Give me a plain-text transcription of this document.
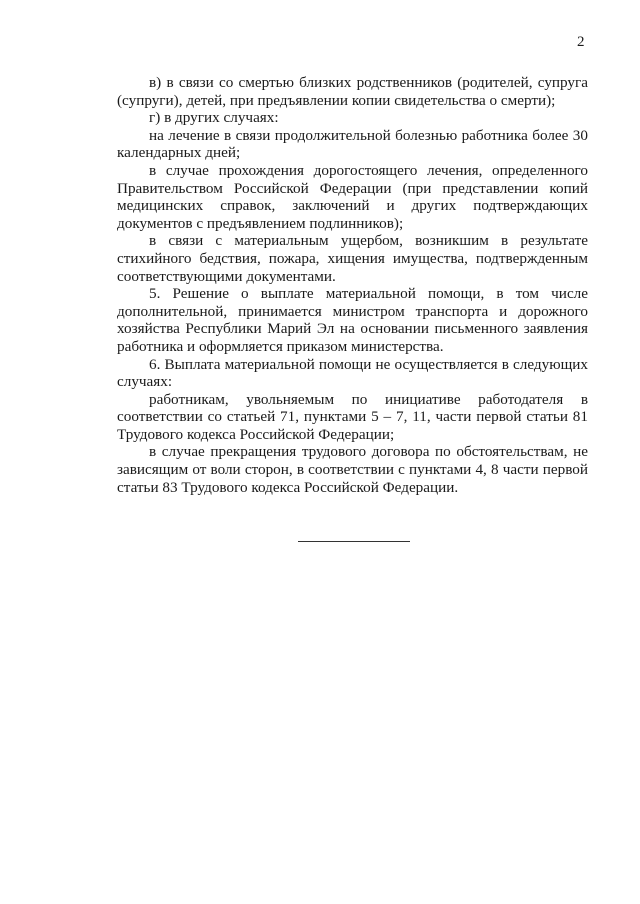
2

в) в связи со смертью близких родственников (родителей, супруга (супруги), детей, при предъявлении копии свидетельства о смерти);

г) в других случаях:

на лечение в связи продолжительной болезнью работника более 30 календарных дней;

в случае прохождения дорогостоящего лечения, определенного Правительством Российской Федерации (при представлении копий медицинских справок, заключений и других подтверждающих документов с предъявлением подлинников);

в связи с материальным ущербом, возникшим в результате стихийного бедствия, пожара, хищения имущества, подтвержденным соответствующими документами.

5. Решение о выплате материальной помощи, в том числе дополнительной, принимается министром транспорта и дорожного хозяйства Республики Марий Эл на основании письменного заявления работника и оформляется приказом министерства.

6. Выплата материальной помощи не осуществляется в следующих случаях:

работникам, увольняемым по инициативе работодателя в соответствии со статьей 71, пунктами 5 – 7, 11, части первой статьи 81 Трудового кодекса Российской Федерации;

в случае прекращения трудового договора по обстоятельствам, не зависящим от воли сторон, в соответствии с пунктами 4, 8 части первой статьи 83 Трудового кодекса Российской Федерации.
